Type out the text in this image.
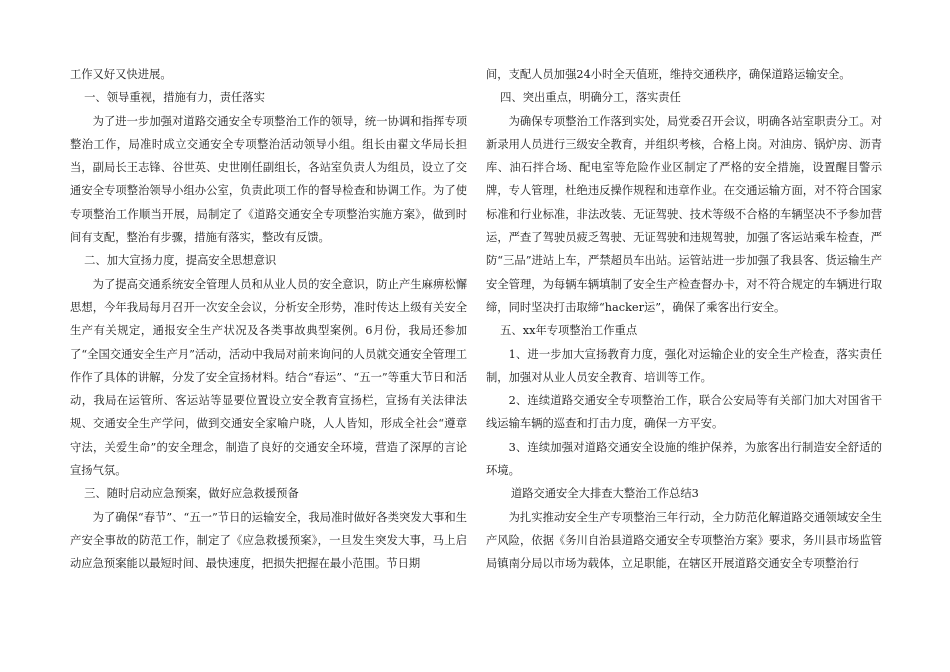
工作又好又快进展。

一、领导重视，措施有力，责任落实

为了进一步加强对道路交通安全专项整治工作的领导，统一协调和指挥专项整治工作，局准时成立交通安全专项整治活动领导小组。组长由翟文华局长担当，副局长王志锋、谷世英、史世刚任副组长，各站室负责人为组员，设立了交通安全专项整治领导小组办公室，负责此项工作的督导检查和协调工作。为了使专项整治工作顺当开展，局制定了《道路交通安全专项整治实施方案》，做到时间有支配，整治有步骤，措施有落实，整改有反馈。

二、加大宣扬力度，提高安全思想意识

为了提高交通系统安全管理人员和从业人员的安全意识，防止产生麻痹松懈思想，今年我局每月召开一次安全会议，分析安全形势，准时传达上级有关安全生产有关规定，通报安全生产状况及各类事故典型案例。6月份，我局还参加了“全国交通安全生产月”活动，活动中我局对前来询问的人员就交通安全管理工作作了具体的讲解，分发了安全宣扬材料。结合“春运”、“五一”等重大节日和活动，我局在运管所、客运站等显要位置设立安全教育宣扬栏，宣扬有关法律法规、交通安全生产学问，做到交通安全家喻户晓，人人皆知，形成全社会“遵章守法，关爱生命”的安全理念，制造了良好的交通安全环境，营造了深厚的言论宣扬气氛。

三、随时启动应急预案，做好应急救援预备

为了确保“春节”、“五一”节日的运输安全，我局准时做好各类突发大事和生产安全事故的防范工作，制定了《应急救援预案》，一旦发生突发大事，马上启动应急预案能以最短时间、最快速度，把损失把握在最小范围。节日期

间，支配人员加强24小时全天值班，维持交通秩序，确保道路运输安全。

四、突出重点，明确分工，落实责任

为确保专项整治工作落到实处，局党委召开会议，明确各站室职责分工。对新录用人员进行三级安全教育，并组织考核，合格上岗。对油房、锅炉房、沥青库、油石拌合场、配电室等危险作业区制定了严格的安全措施，设置醒目警示牌，专人管理，杜绝违反操作规程和违章作业。在交通运输方面，对不符合国家标准和行业标准，非法改装、无证驾驶、技术等级不合格的车辆坚决不予参加营运，严查了驾驶员疲乏驾驶、无证驾驶和违规驾驶，加强了客运站乘车检查，严防“三品”进站上车，严禁超员车出站。运管站进一步加强了我县客、货运输生产安全管理，为每辆车辆填制了安全生产检查督办卡，对不符合规定的车辆进行取缔，同时坚决打击取缔“hacker运”，确保了乘客出行安全。

五、xx年专项整治工作重点

1、进一步加大宣扬教育力度，强化对运输企业的安全生产检查，落实责任制，加强对从业人员安全教育、培训等工作。

2、连续道路交通安全专项整治工作，联合公安局等有关部门加大对国省干线运输车辆的巡查和打击力度，确保一方平安。

3、连续加强对道路交通安全设施的维护保养，为旅客出行制造安全舒适的环境。

道路交通安全大排查大整治工作总结3

为扎实推动安全生产专项整治三年行动，全力防范化解道路交通领域安全生产风险，依据《务川自治县道路交通安全专项整治方案》要求，务川县市场监管局镇南分局以市场为载体，立足职能，在辖区开展道路交通安全专项整治行
